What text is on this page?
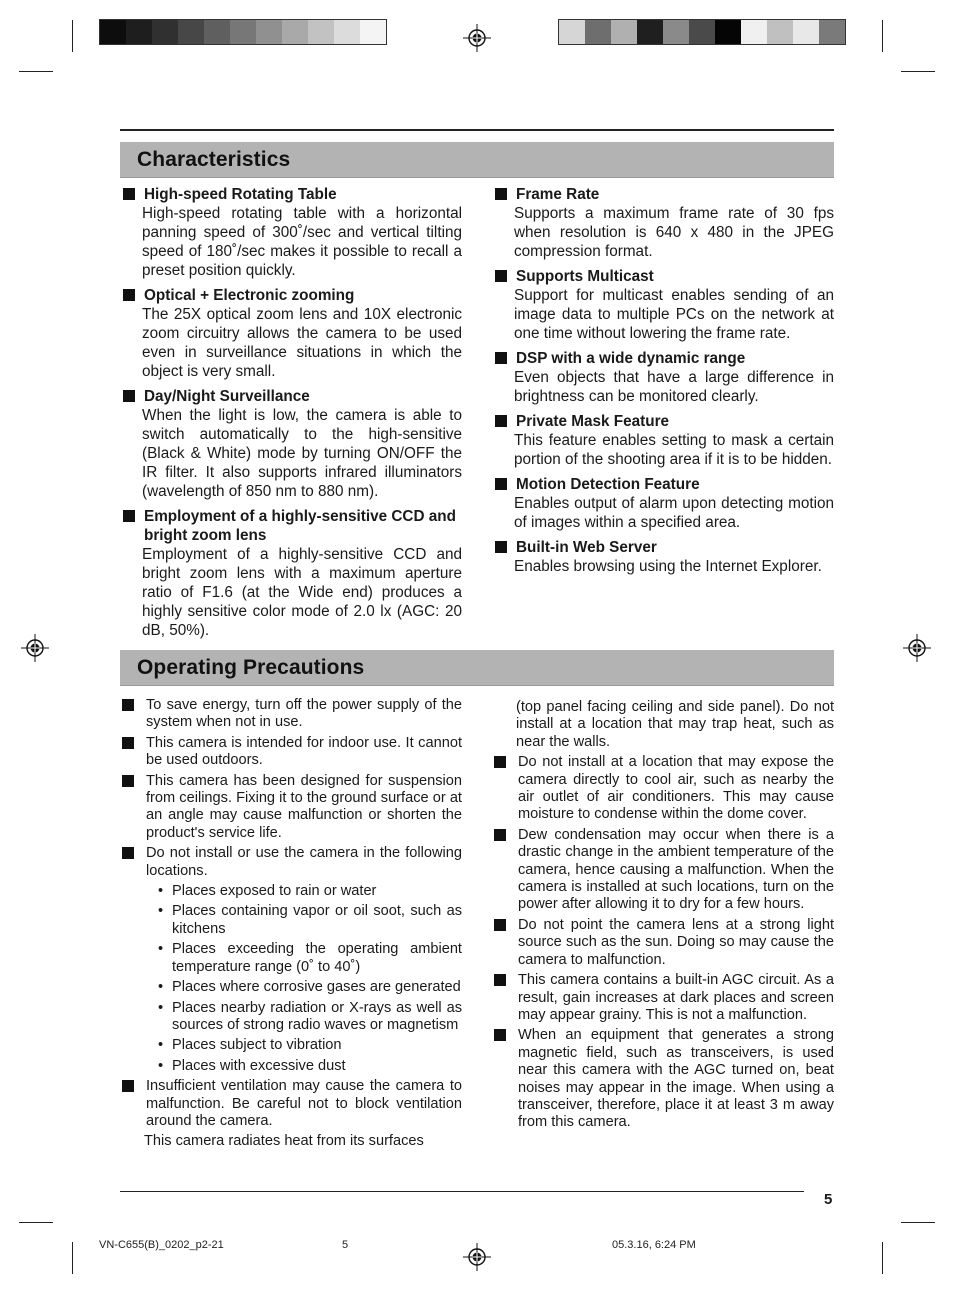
Characteristics
High-speed Rotating Table
High-speed rotating table with a horizontal panning speed of 300˚/sec and vertical tilting speed of 180˚/sec makes it possible to recall a preset position quickly.
Optical + Electronic zooming
The 25X optical zoom lens and 10X electronic zoom circuitry allows the camera to be used even in surveillance situations in which the object is very small.
Day/Night Surveillance
When the light is low, the camera is able to switch automatically to the high-sensitive (Black & White) mode by turning ON/OFF the IR filter. It also supports infrared illuminators (wavelength of 850 nm to 880 nm).
Employment of a highly-sensitive CCD and bright zoom lens
Employment of a highly-sensitive CCD and bright zoom lens with a maximum aperture ratio of F1.6 (at the Wide end) produces a highly sensitive color mode of 2.0 lx (AGC: 20 dB, 50%).
Frame Rate
Supports a maximum frame rate of 30 fps when resolution is 640 x 480 in the JPEG compression format.
Supports Multicast
Support for multicast enables sending of an image data to multiple PCs on the network at one time without lowering the frame rate.
DSP with a wide dynamic range
Even objects that have a large difference in brightness can be monitored clearly.
Private Mask Feature
This feature enables setting to mask a certain portion of the shooting area if it is to be hidden.
Motion Detection Feature
Enables output of alarm upon detecting motion of images within a specified area.
Built-in Web Server
Enables browsing using the Internet Explorer.
Operating Precautions
To save energy, turn off the power supply of the system when not in use.
This camera is intended for indoor use. It cannot be used outdoors.
This camera has been designed for suspension from ceilings. Fixing it to the ground surface or at an angle may cause malfunction or shorten the product's service life.
Do not install or use the camera in the following locations.
• Places exposed to rain or water
• Places containing vapor or oil soot, such as kitchens
• Places exceeding the operating ambient temperature range (0˚ to 40˚)
• Places where corrosive gases are generated
• Places nearby radiation or X-rays as well as sources of strong radio waves or magnetism
• Places subject to vibration
• Places with excessive dust
Insufficient ventilation may cause the camera to malfunction. Be careful not to block ventilation around the camera.
This camera radiates heat from its surfaces
(top panel facing ceiling and side panel). Do not install at a location that may trap heat, such as near the walls.
Do not install at a location that may expose the camera directly to cool air, such as nearby the air outlet of air conditioners. This may cause moisture to condense within the dome cover.
Dew condensation may occur when there is a drastic change in the ambient temperature of the camera, hence causing a malfunction. When the camera is installed at such locations, turn on the power after allowing it to dry for a few hours.
Do not point the camera lens at a strong light source such as the sun. Doing so may cause the camera to malfunction.
This camera contains a built-in AGC circuit. As a result, gain increases at dark places and screen may appear grainy. This is not a malfunction.
When an equipment that generates a strong magnetic field, such as transceivers, is used near this camera with the AGC turned on, beat noises may appear in the image. When using a transceiver, therefore, place it at least 3 m away from this camera.
5
VN-C655(B)_0202_p2-21	5	05.3.16, 6:24 PM
